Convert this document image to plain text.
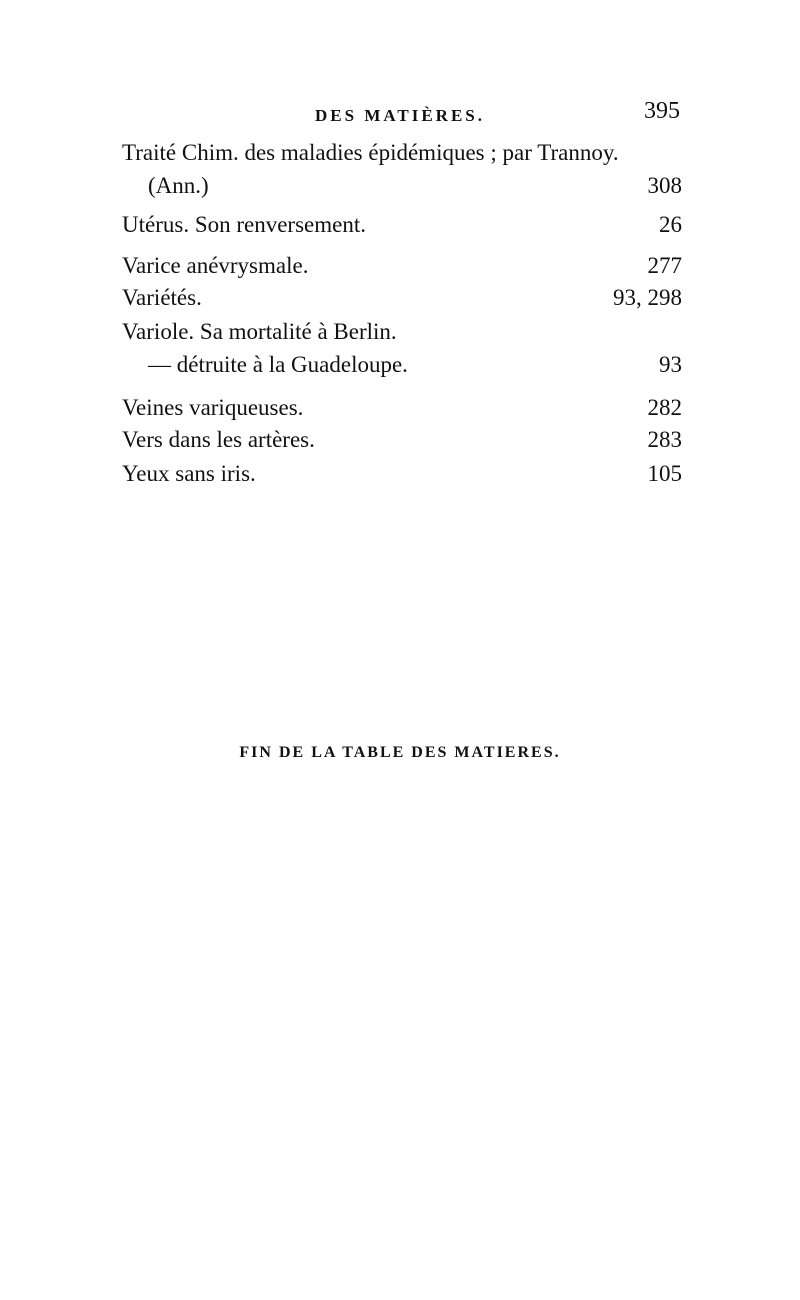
DES MATIÈRES.	395
Traité Chim. des maladies épidémiques ; par Trannoy.
(Ann.)	308
Utérus. Son renversement.	26
Varice anévrysmale.	277
Variétés.	93, 298
Variole. Sa mortalité à Berlin.
— détruite à la Guadeloupe.	93
Veines variqueuses.	282
Vers dans les artères.	283
Yeux sans iris.	105
FIN DE LA TABLE DES MATIERES.
